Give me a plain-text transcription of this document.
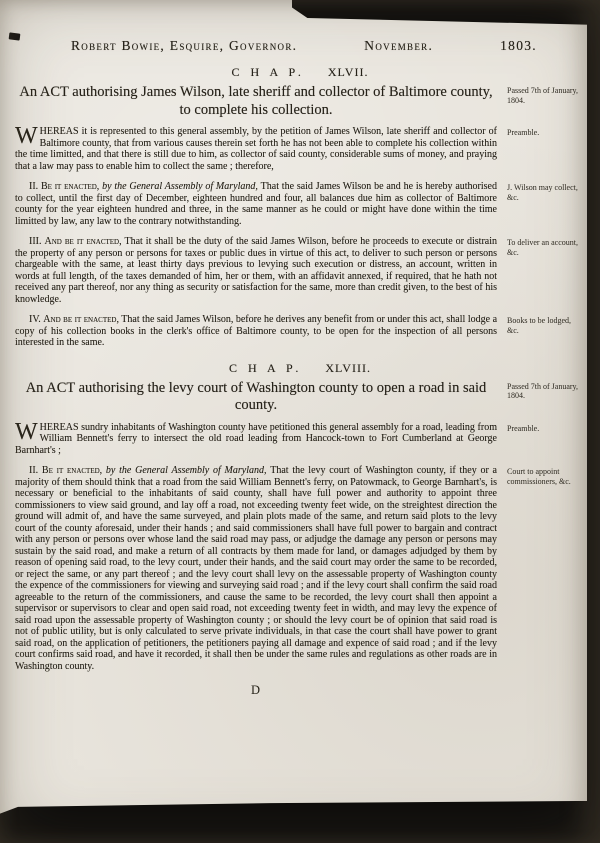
Robert Bowie, Esquire, Governor.	November.	1803.
C H A P. XLVII.
An ACT authorising James Wilson, late sheriff and collector of Baltimore county, to complete his collection.
Passed 7th of January, 1804.

WHEREAS it is represented to this general assembly, by the petition of James Wilson, late sheriff and collector of Baltimore county, that from various causes therein set forth he has not been able to complete his collection within the time limitted, and that there is still due to him, as collector of said county, considerable sums of money, and praying that a law may pass to enable him to collect the same ; therefore,

Preamble.

II. Be it enacted, by the General Assembly of Maryland, That the said James Wilson be and he is hereby authorised to collect, until the first day of December, eighteen hundred and four, all balances due him as collector of Baltimore county for the year eighteen hundred and three, in the same manner as he could or might have done within the time limitted by law, any law to the contrary notwithstanding.

J. Wilson may collect, &c.

III. And be it enacted, That it shall be the duty of the said James Wilson, before he proceeds to execute or distrain the property of any person or persons for taxes or public dues in virtue of this act, to deliver to such person or persons chargeable with the same, at least thirty days previous to levying such execution or distress, an account, written in words at full length, of the taxes demanded of him, her or them, with an affidavit annexed, if required, that he hath not received any part thereof, nor any thing as security or satisfaction for the same, more than credit given, to the best of his knowledge.

To deliver an account, &c.

IV. And be it enacted, That the said James Wilson, before he derives any benefit from or under this act, shall lodge a copy of his collection books in the clerk's office of Baltimore county, to be open for the inspection of all persons interested in the same.

Books to be lodged, &c.
C H A P. XLVIII.
An ACT authorising the levy court of Washington county to open a road in said county.
Passed 7th of January, 1804.

WHEREAS sundry inhabitants of Washington county have petitioned this general assembly for a road, leading from William Bennett's ferry to intersect the old road leading from Hancock-town to Fort Cumberland at George Barnhart's ;

Preamble.

II. Be it enacted, by the General Assembly of Maryland, That the levy court of Washington county, if they or a majority of them should think that a road from the said William Bennett's ferry, on Patowmack, to George Barnhart's, is necessary or beneficial to the inhabitants of said county, shall have full power and authority to appoint three commissioners to view said ground, and lay off a road, not exceeding twenty feet wide, on the streightest direction the ground will admit of, and have the same surveyed, and plain plots made of the same, and return said plots to the levy court of the county aforesaid, under their hands ; and said commissioners shall have full power to bargain and contract with any person or persons over whose land the said road may pass, or adjudge the damage any person or persons may sustain by the said road, and make a return of all contracts by them made for land, or damages adjudged by them by reason of opening said road, to the levy court, under their hands, and the said court may order the same to be recorded, or reject the same, or any part thereof ; and the levy court shall levy on the assessable property of Washington county the expence of the commissioners for viewing and surveying said road ; and if the levy court shall confirm the said road agreeable to the return of the commissioners, and cause the same to be recorded, the levy court shall then appoint a supervisor or supervisors to clear and open said road, not exceeding twenty feet in width, and may levy the expence of said road upon the assessable property of Washington county ; or should the levy court be of opinion that said road is not of public utility, but is only calculated to serve private individuals, in that case the court shall have power to grant said road, on the application of petitioners, the petitioners paying all damage and expence of said road ; and if the levy court confirms said road, and have it recorded, it shall then be under the same rules and regulations as other roads are in Washington county.

Court to appoint commissioners, &c.
D
